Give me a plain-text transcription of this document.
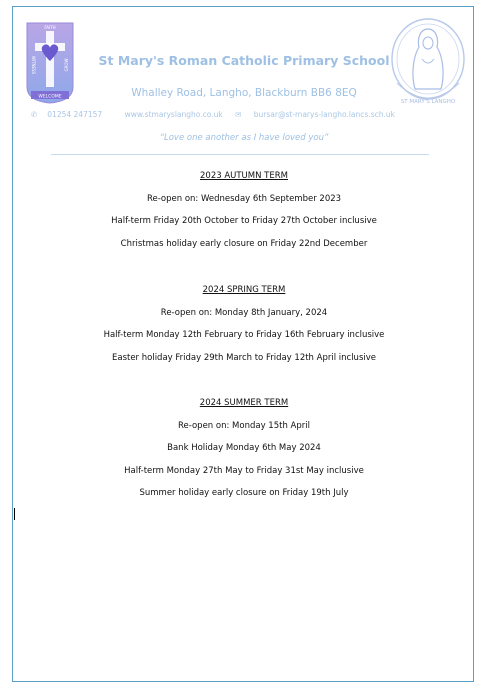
WELCOME
WITNESS	GROW
FAITH
ST MARY'S LANGHO
St Mary's Roman Catholic Primary School
Whalley Road, Langho, Blackburn BB6 8EQ
✆ 01254 247157	www.stmaryslangho.co.uk ✉ bursar@st-marys-langho.lancs.sch.uk
“Love one another as I have loved you”
2023 AUTUMN TERM
Re-open on: Wednesday 6th September 2023
Half-term Friday 20th October to Friday 27th October inclusive
Christmas holiday early closure on Friday 22nd December
2024 SPRING TERM
Re-open on: Monday 8th January, 2024
Half-term Monday 12th February to Friday 16th February inclusive
Easter holiday Friday 29th March to Friday 12th April inclusive
2024 SUMMER TERM
Re-open on: Monday 15th April
Bank Holiday Monday 6th May 2024
Half-term Monday 27th May to Friday 31st May inclusive
Summer holiday early closure on Friday 19th July
